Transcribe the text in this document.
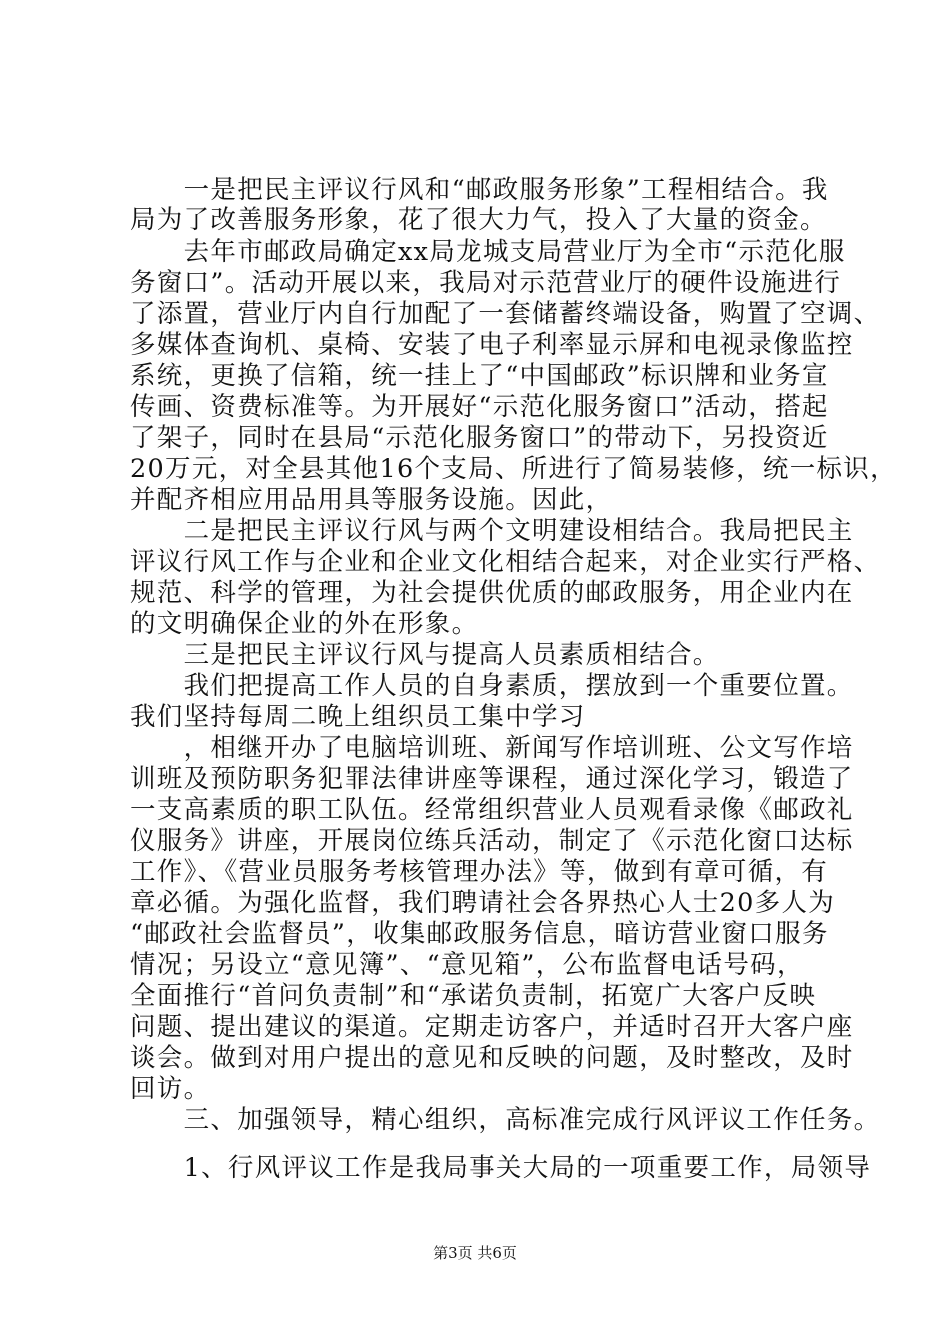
　　一是把民主评议行风和“邮政服务形象”工程相结合。我
局为了改善服务形象，花了很大力气，投入了大量的资金。
　　去年市邮政局确定xx局龙城支局营业厅为全市“示范化服
务窗口”。活动开展以来，我局对示范营业厅的硬件设施进行
了添置，营业厅内自行加配了一套储蓄终端设备，购置了空调、
多媒体查询机、桌椅、安装了电子利率显示屏和电视录像监控
系统，更换了信箱，统一挂上了“中国邮政”标识牌和业务宣
传画、资费标准等。为开展好“示范化服务窗口”活动，搭起
了架子，同时在县局“示范化服务窗口”的带动下，另投资近
20万元，对全县其他16个支局、所进行了简易装修，统一标识，
并配齐相应用品用具等服务设施。因此，
　　二是把民主评议行风与两个文明建设相结合。我局把民主
评议行风工作与企业和企业文化相结合起来，对企业实行严格、
规范、科学的管理，为社会提供优质的邮政服务，用企业内在
的文明确保企业的外在形象。
　　三是把民主评议行风与提高人员素质相结合。
　　我们把提高工作人员的自身素质，摆放到一个重要位置。
我们坚持每周二晚上组织员工集中学习
　　，相继开办了电脑培训班、新闻写作培训班、公文写作培
训班及预防职务犯罪法律讲座等课程，通过深化学习，锻造了
一支高素质的职工队伍。经常组织营业人员观看录像《邮政礼
仪服务》讲座，开展岗位练兵活动，制定了《示范化窗口达标
工作》、《营业员服务考核管理办法》等，做到有章可循，有
章必循。为强化监督，我们聘请社会各界热心人士20多人为
“邮政社会监督员”，收集邮政服务信息，暗访营业窗口服务
情况；另设立“意见簿”、“意见箱”，公布监督电话号码，
全面推行“首问负责制”和“承诺负责制，拓宽广大客户反映
问题、提出建议的渠道。定期走访客户，并适时召开大客户座
谈会。做到对用户提出的意见和反映的问题，及时整改，及时
回访。
　　三、加强领导，精心组织，高标准完成行风评议工作任务。
　　1、行风评议工作是我局事关大局的一项重要工作，局领导
第3页 共6页
